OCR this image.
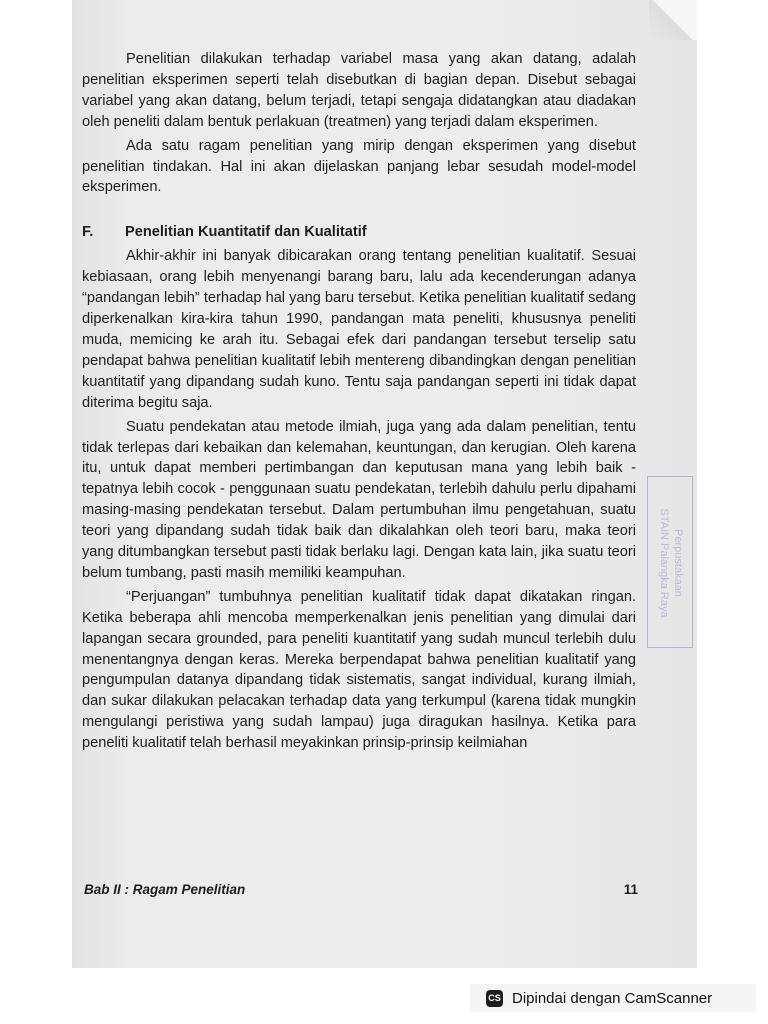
Penelitian dilakukan terhadap variabel masa yang akan datang, adalah penelitian eksperimen seperti telah disebutkan di bagian depan. Disebut sebagai variabel yang akan datang, belum terjadi, tetapi sengaja didatangkan atau diadakan oleh peneliti dalam bentuk perlakuan (treatmen) yang terjadi dalam eksperimen.

Ada satu ragam penelitian yang mirip dengan eksperimen yang disebut penelitian tindakan. Hal ini akan dijelaskan panjang lebar sesudah model-model eksperimen.

F.	Penelitian Kuantitatif dan Kualitatif

Akhir-akhir ini banyak dibicarakan orang tentang penelitian kualitatif. Sesuai kebiasaan, orang lebih menyenangi barang baru, lalu ada kecenderungan adanya “pandangan lebih” terhadap hal yang baru tersebut. Ketika penelitian kualitatif sedang diperkenalkan kira-kira tahun 1990, pandangan mata peneliti, khususnya peneliti muda, memicing ke arah itu. Sebagai efek dari pandangan tersebut terselip satu pendapat bahwa penelitian kualitatif lebih mentereng dibandingkan dengan penelitian kuantitatif yang dipandang sudah kuno. Tentu saja pandangan seperti ini tidak dapat diterima begitu saja.

Suatu pendekatan atau metode ilmiah, juga yang ada dalam penelitian, tentu tidak terlepas dari kebaikan dan kelemahan, keuntungan, dan kerugian. Oleh karena itu, untuk dapat memberi pertimbangan dan keputusan mana yang lebih baik - tepatnya lebih cocok - penggunaan suatu pendekatan, terlebih dahulu perlu dipahami masing-masing pendekatan tersebut. Dalam pertumbuhan ilmu pengetahuan, suatu teori yang dipandang sudah tidak baik dan dikalahkan oleh teori baru, maka teori yang ditumbangkan tersebut pasti tidak berlaku lagi. Dengan kata lain, jika suatu teori belum tumbang, pasti masih memiliki keampuhan.

“Perjuangan” tumbuhnya penelitian kualitatif tidak dapat dikatakan ringan. Ketika beberapa ahli mencoba memperkenalkan jenis penelitian yang dimulai dari lapangan secara grounded, para peneliti kuantitatif yang sudah muncul terlebih dulu menentangnya dengan keras. Mereka berpendapat bahwa penelitian kualitatif yang pengumpulan datanya dipandang tidak sistematis, sangat individual, kurang ilmiah, dan sukar dilakukan pelacakan terhadap data yang terkumpul (karena tidak mungkin mengulangi peristiwa yang sudah lampau) juga diragukan hasilnya. Ketika para peneliti kualitatif telah berhasil meyakinkan prinsip-prinsip keilmiahan

Perpustakaan
STAIN Palangka Raya
Bab II : Ragam Penelitian	11
CS Dipindai dengan CamScanner
